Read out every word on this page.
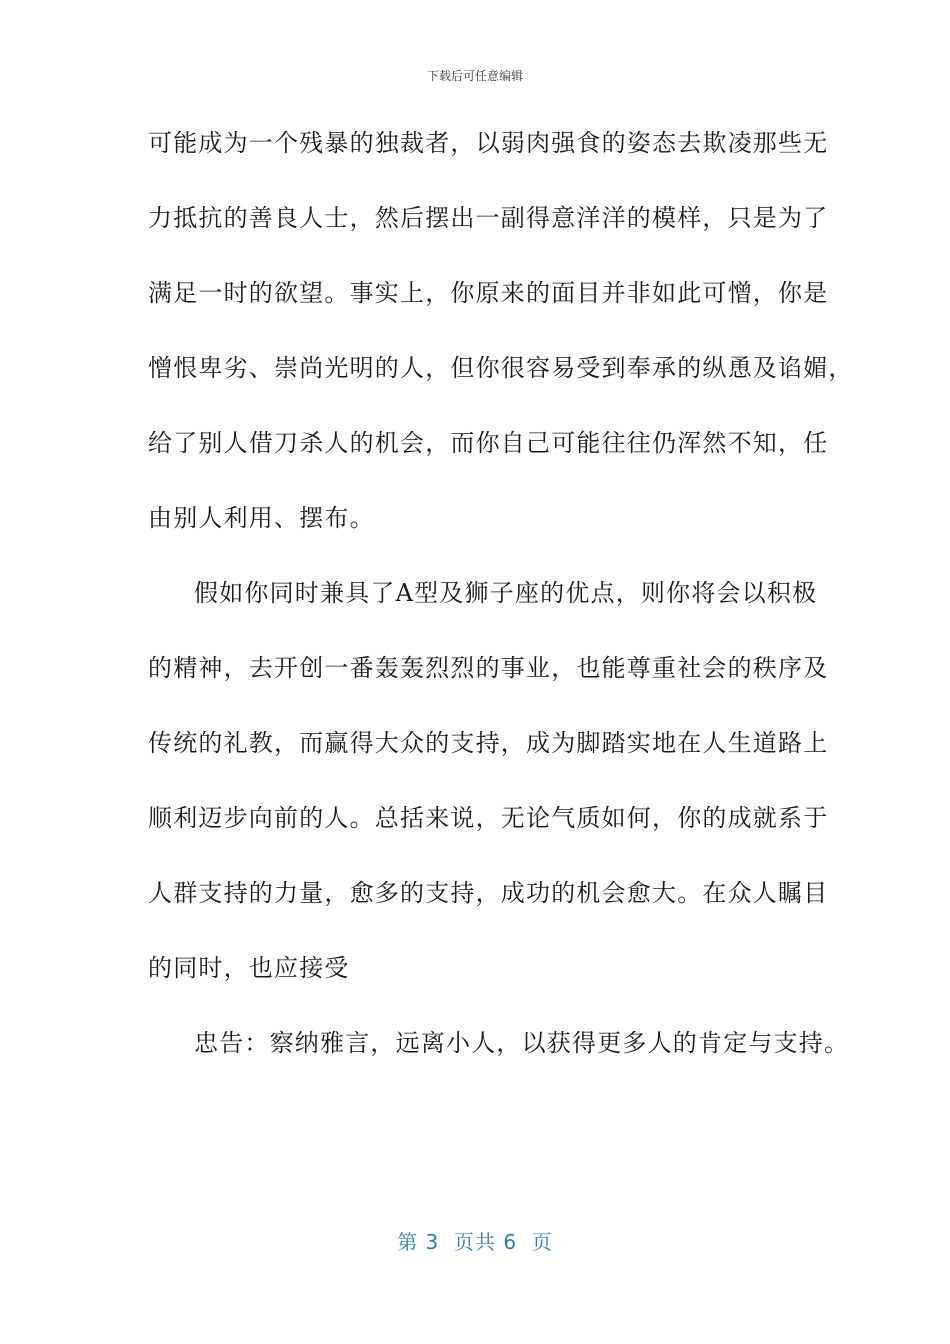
下载后可任意编辑
可能成为一个残暴的独裁者，以弱肉强食的姿态去欺凌那些无
力抵抗的善良人士，然后摆出一副得意洋洋的模样，只是为了
满足一时的欲望。事实上，你原来的面目并非如此可憎，你是
憎恨卑劣、崇尚光明的人，但你很容易受到奉承的纵恿及谄媚，
给了别人借刀杀人的机会，而你自己可能往往仍浑然不知，任
由别人利用、摆布。
假如你同时兼具了A型及狮子座的优点，则你将会以积极
的精神，去开创一番轰轰烈烈的事业，也能尊重社会的秩序及
传统的礼教，而赢得大众的支持，成为脚踏实地在人生道路上
顺利迈步向前的人。总括来说，无论气质如何，你的成就系于
人群支持的力量，愈多的支持，成功的机会愈大。在众人瞩目
的同时，也应接受
忠告：察纳雅言，远离小人，以获得更多人的肯定与支持。
第 3  页共 6  页
